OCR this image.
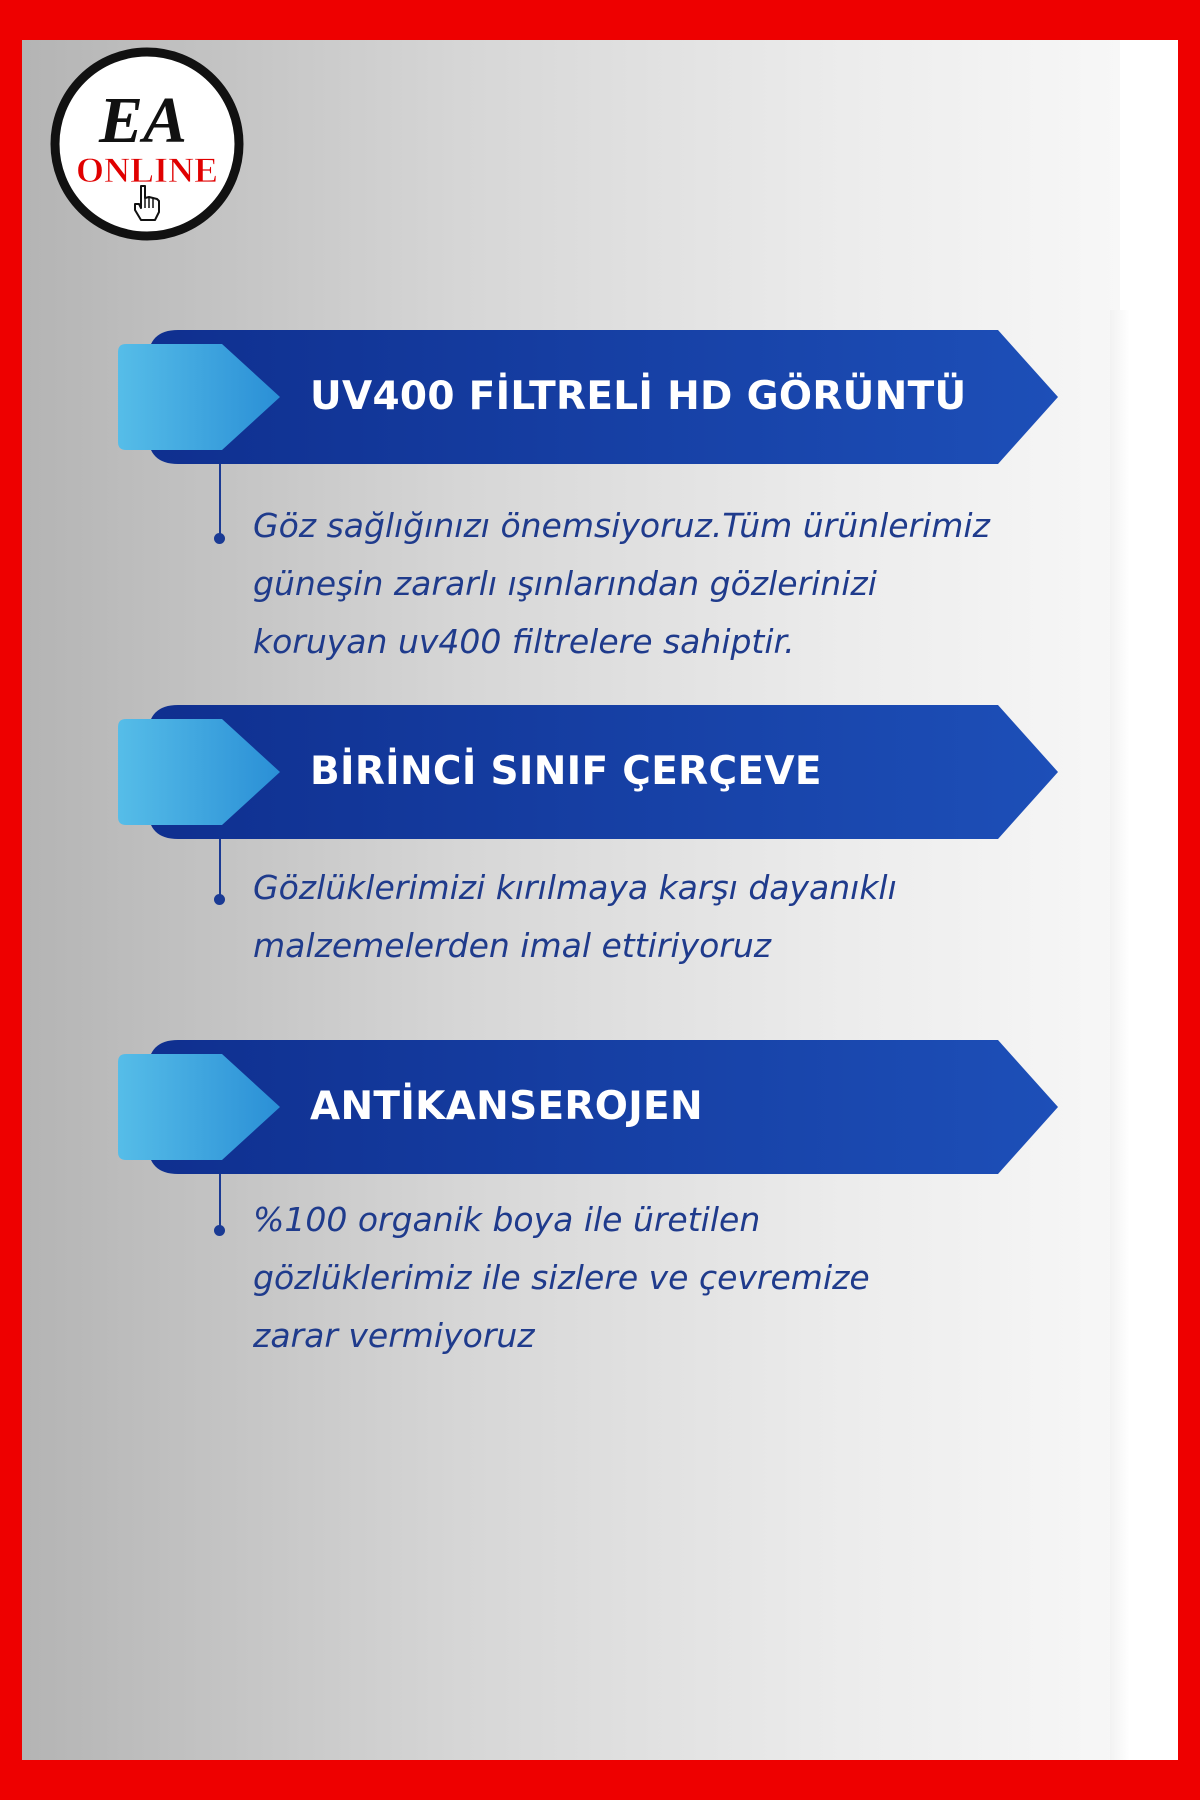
EA
ONLINE
UV400 FİLTRELİ HD GÖRÜNTÜ
Göz sağlığınızı önemsiyoruz.Tüm ürünlerimiz
güneşin zararlı ışınlarından gözlerinizi
koruyan uv400 filtrelere sahiptir.
BİRİNCİ SINIF ÇERÇEVE
Gözlüklerimizi kırılmaya karşı dayanıklı
malzemelerden imal ettiriyoruz
ANTİKANSEROJEN
%100 organik boya ile üretilen
gözlüklerimiz ile sizlere ve çevremize
zarar vermiyoruz
